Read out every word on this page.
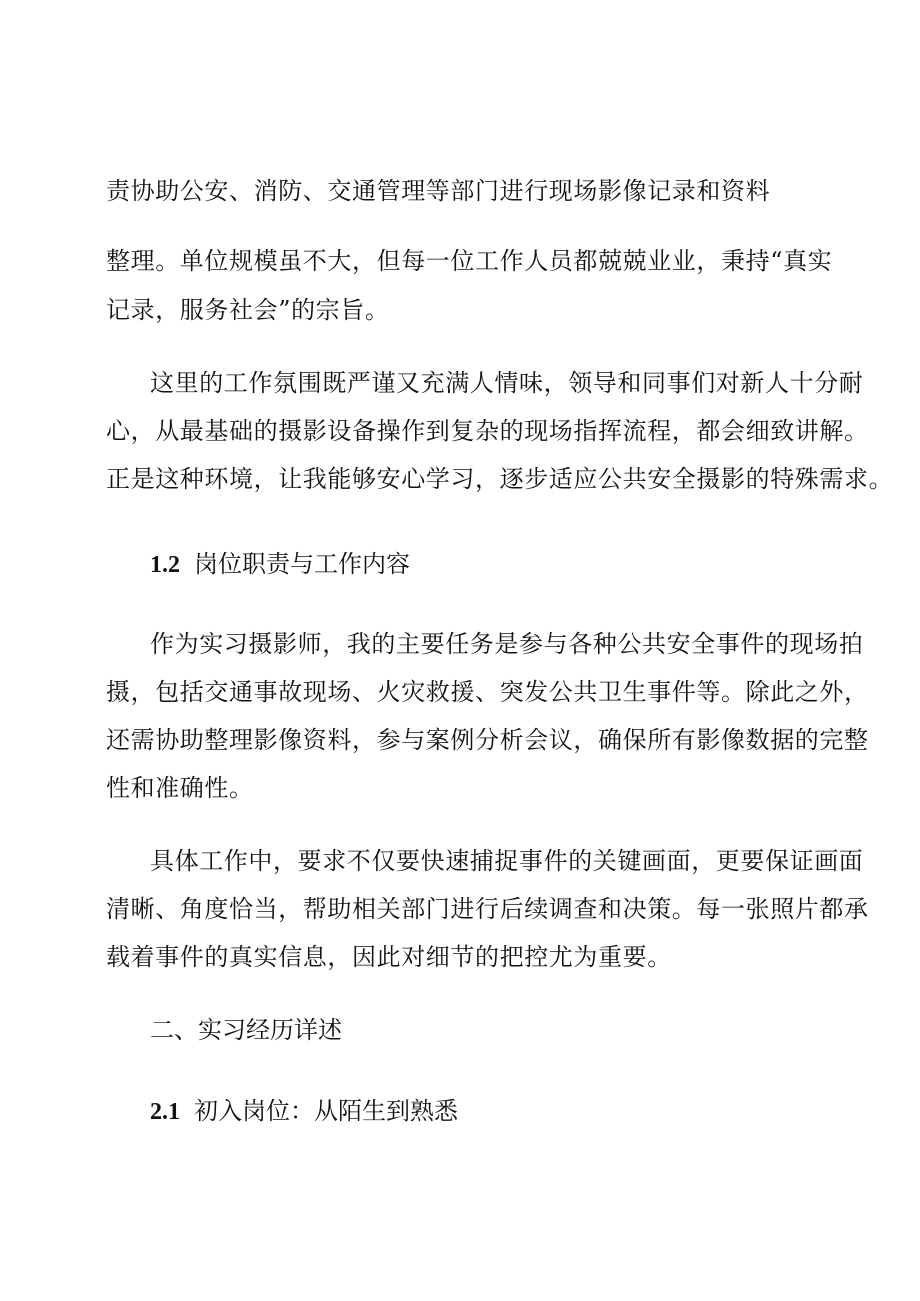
责协助公安、消防、交通管理等部门进行现场影像记录和资料
整理。单位规模虽不大，但每一位工作人员都兢兢业业，秉持“真实
记录，服务社会”的宗旨。
这里的工作氛围既严谨又充满人情味，领导和同事们对新人十分耐
心，从最基础的摄影设备操作到复杂的现场指挥流程，都会细致讲解。
正是这种环境，让我能够安心学习，逐步适应公共安全摄影的特殊需求。
1.2 岗位职责与工作内容
作为实习摄影师，我的主要任务是参与各种公共安全事件的现场拍
摄，包括交通事故现场、火灾救援、突发公共卫生事件等。除此之外，
还需协助整理影像资料，参与案例分析会议，确保所有影像数据的完整
性和准确性。
具体工作中，要求不仅要快速捕捉事件的关键画面，更要保证画面
清晰、角度恰当，帮助相关部门进行后续调查和决策。每一张照片都承
载着事件的真实信息，因此对细节的把控尤为重要。
二、实习经历详述
2.1 初入岗位：从陌生到熟悉
